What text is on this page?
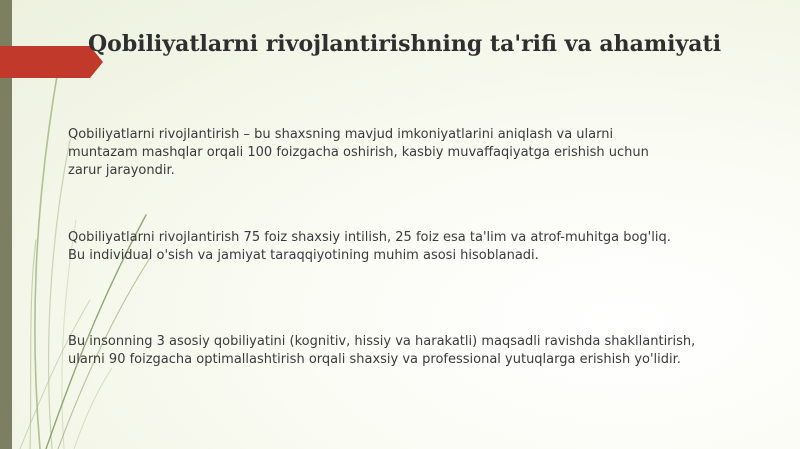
Qobiliyatlarni rivojlantirishning ta'rifi va ahamiyati
Qobiliyatlarni rivojlantirish – bu shaxsning mavjud imkoniyatlarini aniqlash va ularni
muntazam mashqlar orqali 100 foizgacha oshirish, kasbiy muvaffaqiyatga erishish uchun
zarur jarayondir.
Qobiliyatlarni rivojlantirish 75 foiz shaxsiy intilish, 25 foiz esa ta'lim va atrof-muhitga bog'liq.
Bu individual o'sish va jamiyat taraqqiyotining muhim asosi hisoblanadi.
Bu insonning 3 asosiy qobiliyatini (kognitiv, hissiy va harakatli) maqsadli ravishda shakllantirish,
ularni 90 foizgacha optimallashtirish orqali shaxsiy va professional yutuqlarga erishish yo'lidir.
